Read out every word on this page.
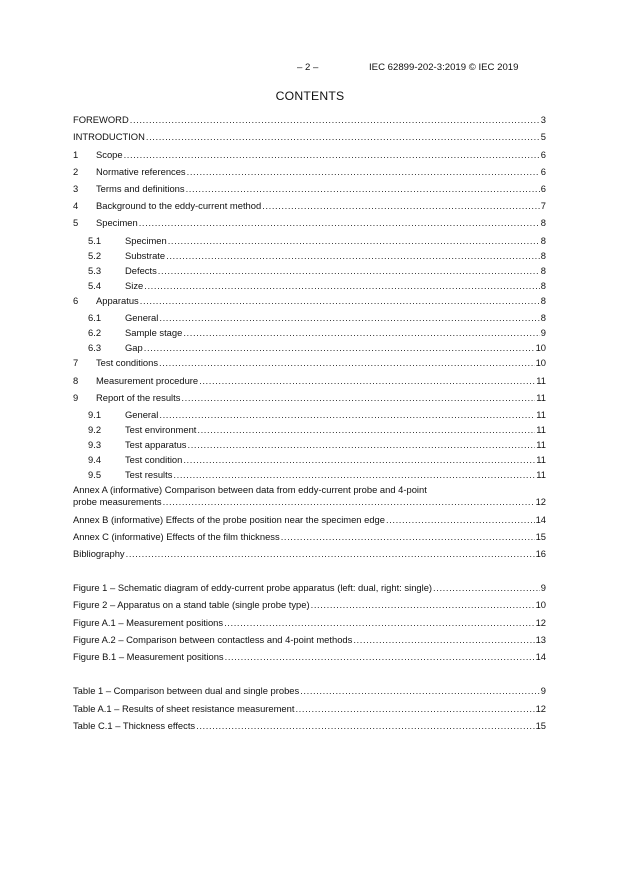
– 2 –	IEC 62899-202-3:2019 © IEC 2019
CONTENTS
FOREWORD .....	3
INTRODUCTION .....	5
1 Scope .....	6
2 Normative references .....	6
3 Terms and definitions .....	6
4 Background to the eddy-current method .....	7
5 Specimen .....	8
5.1	Specimen .....	8
5.2	Substrate .....	8
5.3	Defects .....	8
5.4	Size .....	8
6 Apparatus .....	8
6.1	General .....	8
6.2	Sample stage .....	9
6.3	Gap .....	10
7 Test conditions .....	10
8 Measurement procedure .....	11
9 Report of the results .....	11
9.1	General .....	11
9.2	Test environment .....	11
9.3	Test apparatus .....	11
9.4	Test condition .....	11
9.5	Test results .....	11
Annex A (informative) Comparison between data from eddy-current probe and 4-point
probe measurements .....	12
Annex B (informative) Effects of the probe position near the specimen edge .....	14
Annex C (informative) Effects of the film thickness .....	15
Bibliography .....	16
Figure 1 – Schematic diagram of eddy-current probe apparatus (left: dual, right: single) .....	9
Figure 2 – Apparatus on a stand table (single probe type) .....	10
Figure A.1 – Measurement positions .....	12
Figure A.2 – Comparison between contactless and 4-point methods .....	13
Figure B.1 – Measurement positions .....	14
Table 1 – Comparison between dual and single probes .....	9
Table A.1 – Results of sheet resistance measurement .....	12
Table C.1 – Thickness effects .....	15
